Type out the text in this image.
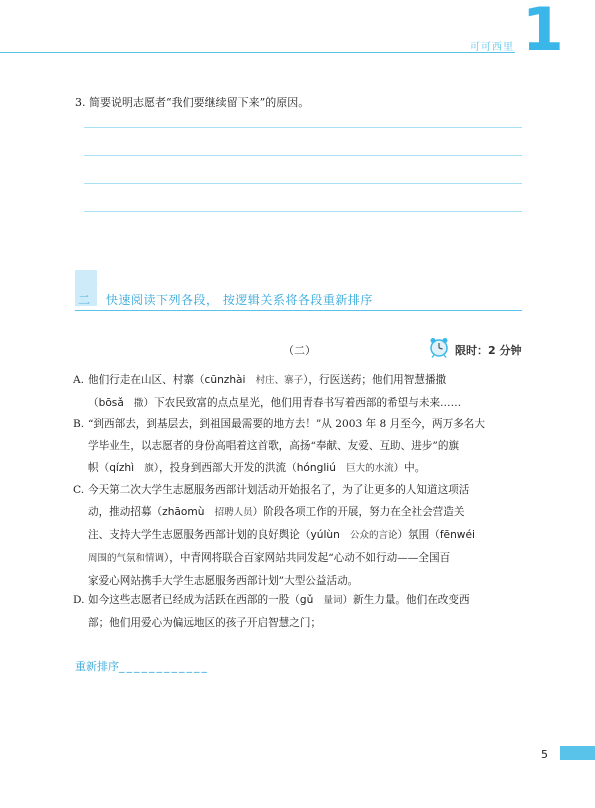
可可西里 1
3. 简要说明志愿者“我们要继续留下来”的原因。
二 快速阅读下列各段， 按逻辑关系将各段重新排序
（二）	限时：2 分钟
A. 他们行走在山区、村寨（cūnzhài 村庄、寨子），行医送药；他们用智慧播撒
（bōsǎ 撒）下农民致富的点点星光，他们用青春书写着西部的希望与未来……
B. “到西部去，到基层去，到祖国最需要的地方去！”从 2003 年 8 月至今，两万多名大
学毕业生，以志愿者的身份高唱着这首歌，高扬“奉献、友爱、互助、进步”的旗
帜（qízhì 旗），投身到西部大开发的洪流（hóngliú 巨大的水流）中。
C. 今天第二次大学生志愿服务西部计划活动开始报名了，为了让更多的人知道这项活
动，推动招募（zhāomù 招聘人员）阶段各项工作的开展，努力在全社会营造关
注、支持大学生志愿服务西部计划的良好舆论（yúlùn 公众的言论）氛围（fēnwéi
周围的气氛和情调），中青网将联合百家网站共同发起“心动不如行动——全国百
家爱心网站携手大学生志愿服务西部计划”大型公益活动。
D. 如今这些志愿者已经成为活跃在西部的一股（gǔ 量词）新生力量。他们在改变西
部；他们用爱心为偏远地区的孩子开启智慧之门；
重新排序____________
5
